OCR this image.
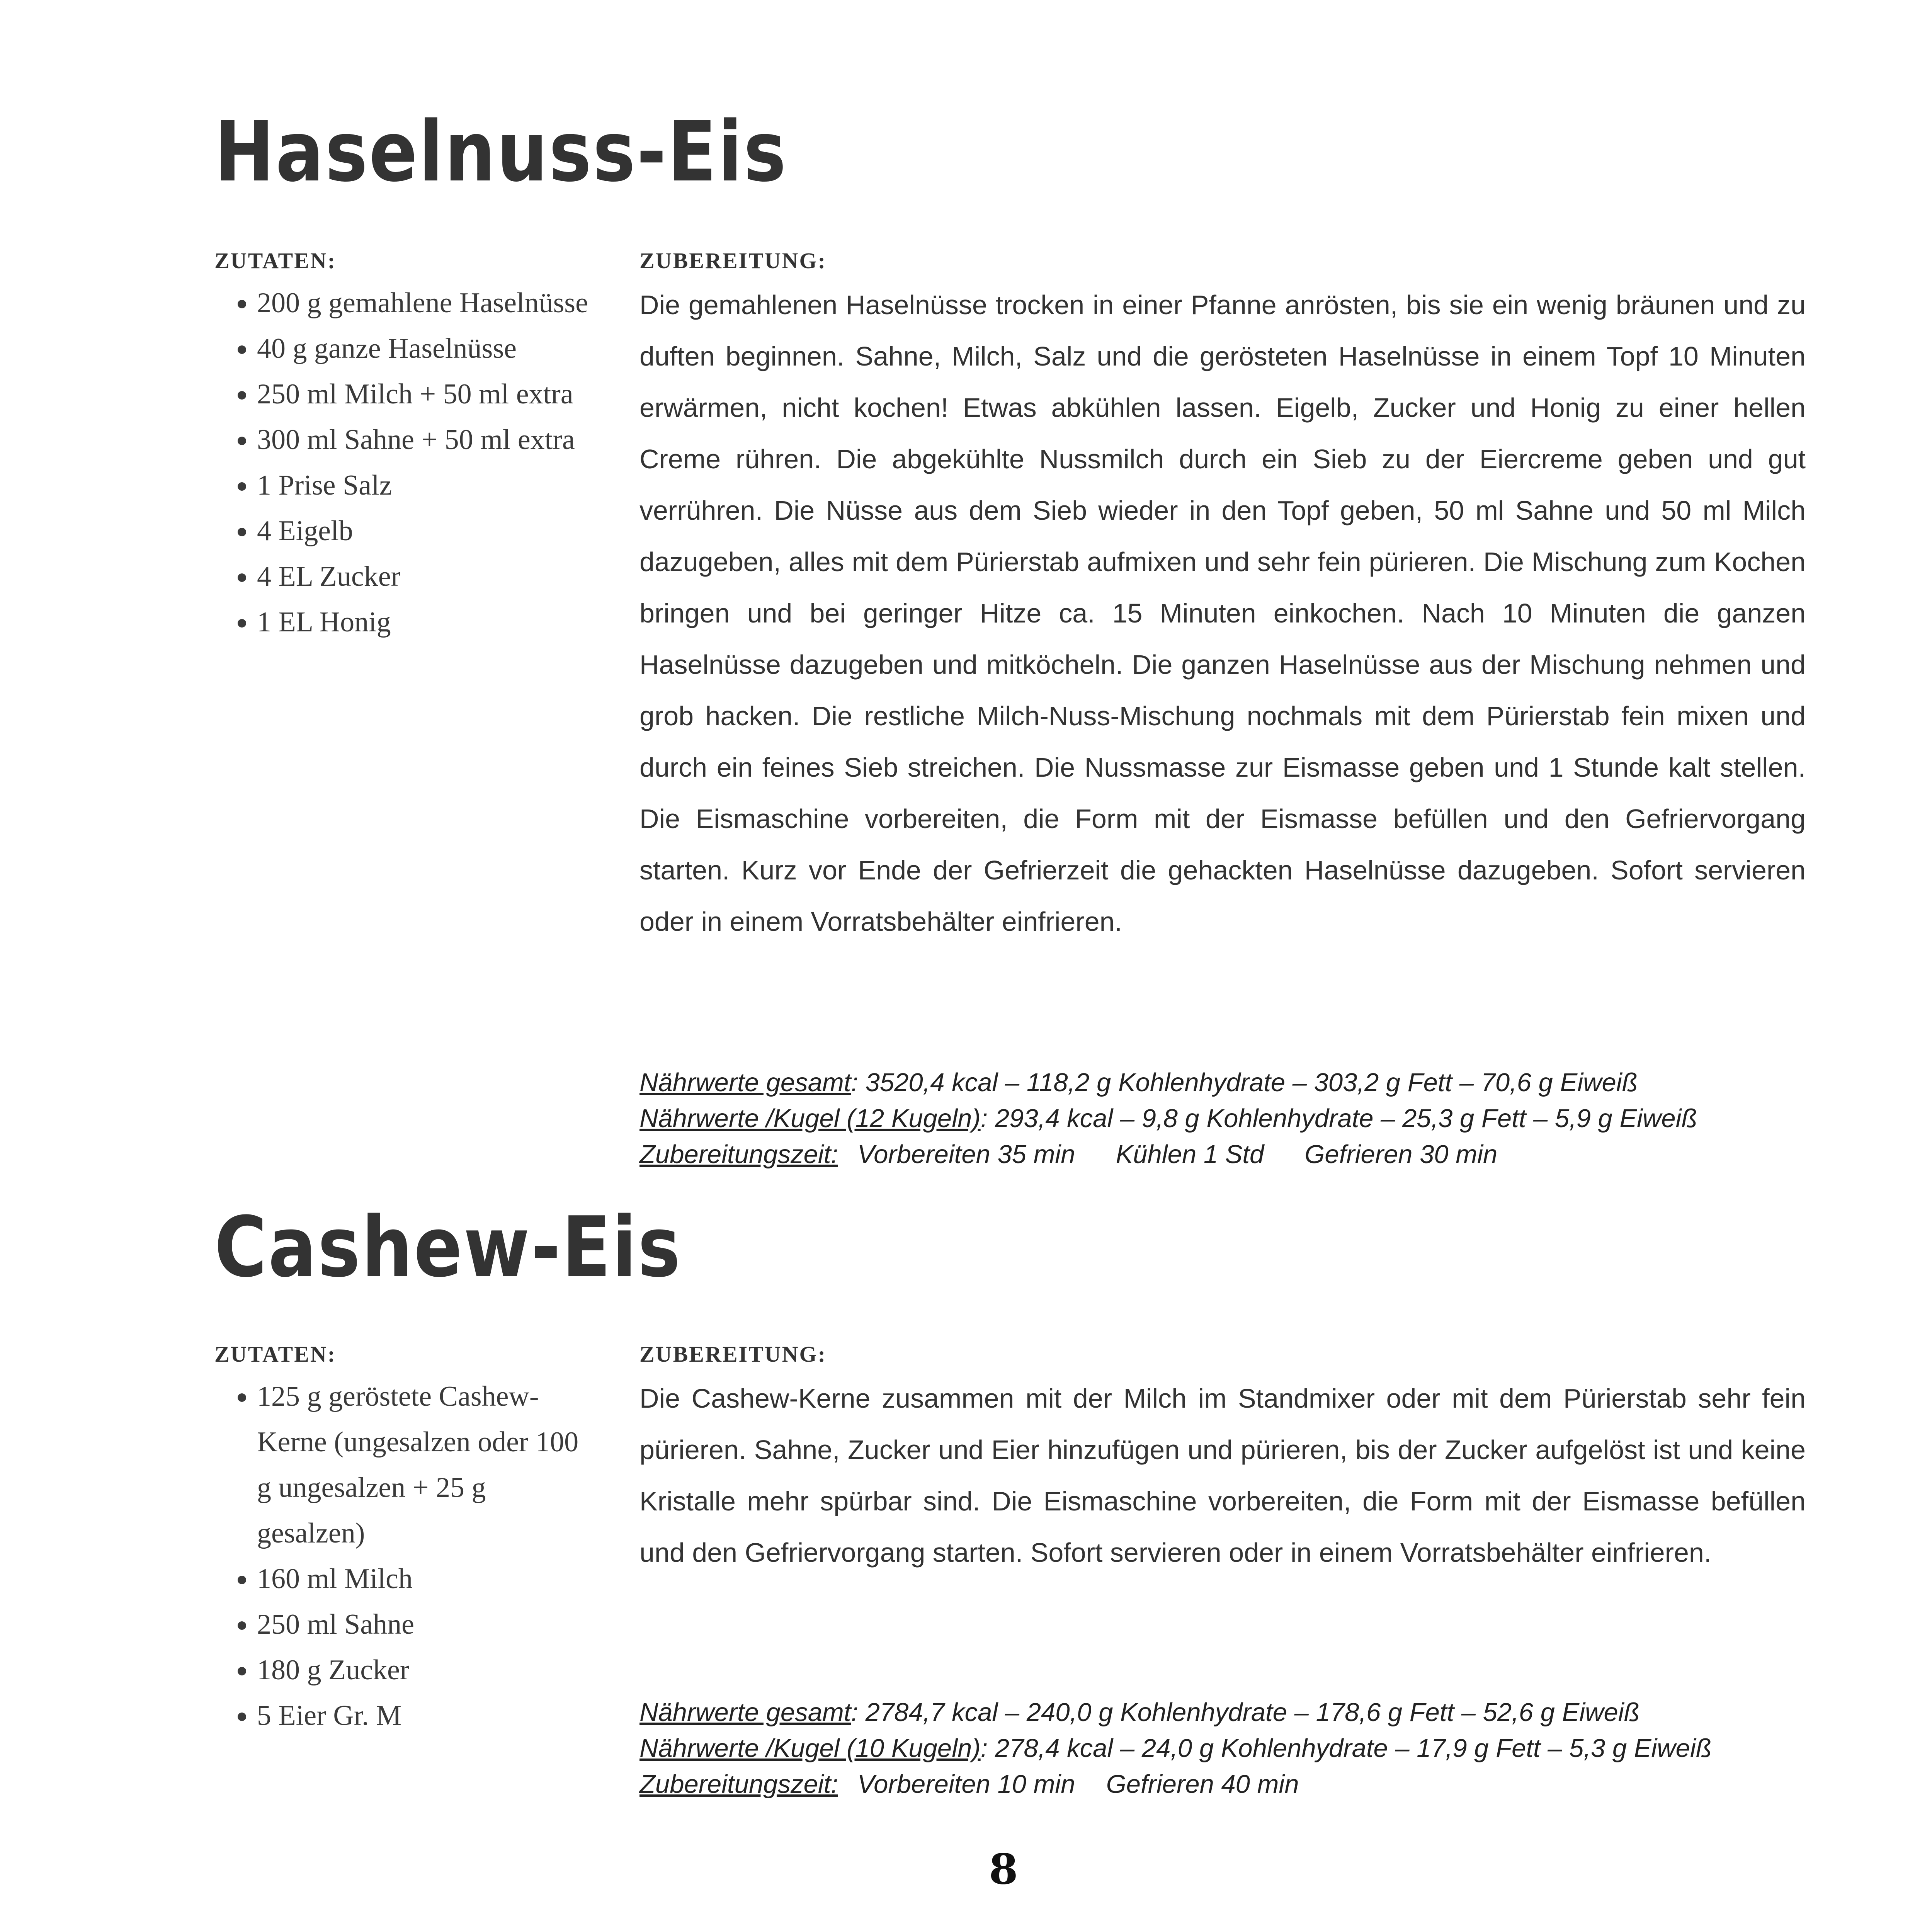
Haselnuss-Eis
ZUTATEN:
• 200 g gemahlene Haselnüsse
• 40 g ganze Haselnüsse
• 250 ml Milch + 50 ml extra
• 300 ml Sahne + 50 ml extra
• 1 Prise Salz
• 4 Eigelb
• 4 EL Zucker
• 1 EL Honig
ZUBEREITUNG:

Die gemahlenen Haselnüsse trocken in einer Pfanne anrösten, bis sie ein wenig bräunen und zu duften beginnen. Sahne, Milch, Salz und die gerösteten Haselnüsse in einem Topf 10 Minuten erwärmen, nicht kochen! Etwas abkühlen lassen. Eigelb, Zucker und Honig zu einer hellen Creme rühren. Die abgekühlte Nussmilch durch ein Sieb zu der Eiercreme geben und gut verrühren. Die Nüsse aus dem Sieb wieder in den Topf geben, 50 ml Sahne und 50 ml Milch dazugeben, alles mit dem Pürierstab aufmixen und sehr fein pürieren. Die Mischung zum Kochen bringen und bei geringer Hitze ca. 15 Minuten einkochen. Nach 10 Minuten die ganzen Haselnüsse dazugeben und mitköcheln. Die ganzen Haselnüsse aus der Mischung nehmen und grob hacken. Die restliche Milch-Nuss-Mischung nochmals mit dem Pürierstab fein mixen und durch ein feines Sieb streichen. Die Nussmasse zur Eismasse geben und 1 Stunde kalt stellen. Die Eismaschine vorbereiten, die Form mit der Eismasse befüllen und den Gefriervorgang starten. Kurz vor Ende der Gefrierzeit die gehackten Haselnüsse dazugeben. Sofort servieren oder in einem Vorratsbehälter einfrieren.

Nährwerte gesamt: 3520,4 kcal – 118,2 g Kohlenhydrate – 303,2 g Fett – 70,6 g Eiweiß
Nährwerte /Kugel (12 Kugeln): 293,4 kcal – 9,8 g Kohlenhydrate – 25,3 g Fett – 5,9 g Eiweiß
Zubereitungszeit: Vorbereiten 35 min Kühlen 1 Std Gefrieren 30 min
Cashew-Eis
ZUTATEN:
• 125 g geröstete Cashew-Kerne (ungesalzen oder 100 g ungesalzen + 25 g gesalzen)
• 160 ml Milch
• 250 ml Sahne
• 180 g Zucker
• 5 Eier Gr. M
ZUBEREITUNG:

Die Cashew-Kerne zusammen mit der Milch im Standmixer oder mit dem Pürierstab sehr fein pürieren. Sahne, Zucker und Eier hinzufügen und pürieren, bis der Zucker aufgelöst ist und keine Kristalle mehr spürbar sind. Die Eismaschine vorbereiten, die Form mit der Eismasse befüllen und den Gefriervorgang starten. Sofort servieren oder in einem Vorratsbehälter einfrieren.

Nährwerte gesamt: 2784,7 kcal – 240,0 g Kohlenhydrate – 178,6 g Fett – 52,6 g Eiweiß
Nährwerte /Kugel (10 Kugeln): 278,4 kcal – 24,0 g Kohlenhydrate – 17,9 g Fett – 5,3 g Eiweiß
Zubereitungszeit: Vorbereiten 10 min Gefrieren 40 min
8
